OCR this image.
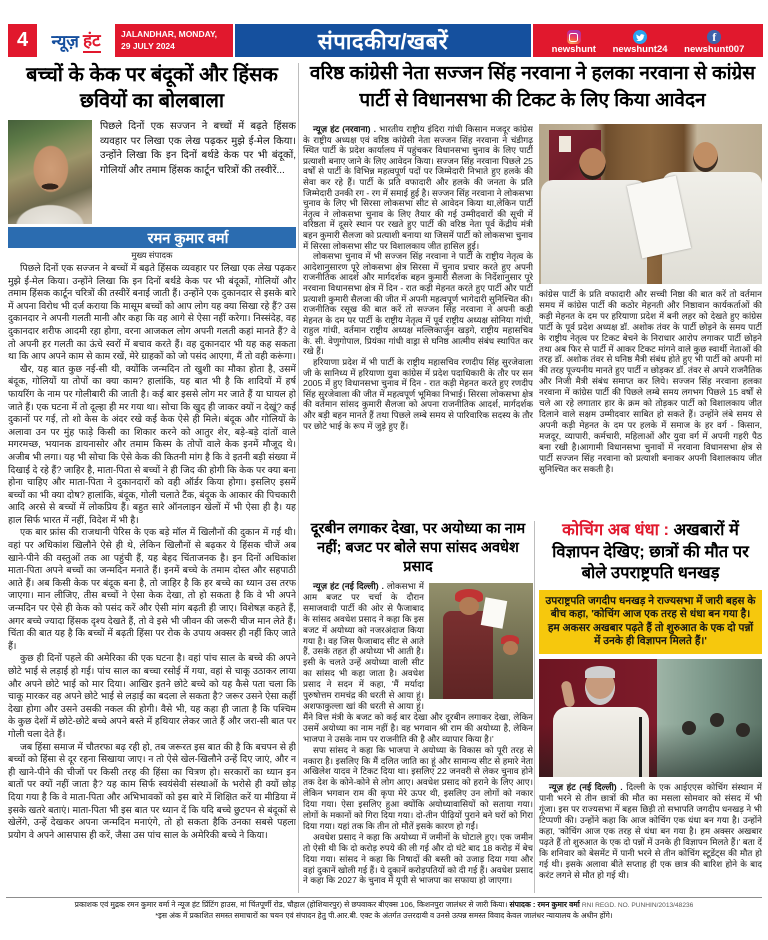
4	न्यूज़ हंट JALANDHAR, MONDAY,
29 JULY 2024	संपादकीय/खबरें	newshunt newshunt24
f
newshunt007
बच्चों के केक पर बंदूकों और हिंसक छवियों का बोलबाला
पिछले दिनों एक सज्जन ने बच्चों में बढ़ते हिंसक व्यवहार पर लिखा एक लेख पढ़कर मुझे ई-मेल किया। उन्होंने लिखा कि इन दिनों बर्थडे केक पर भी बंदूकों, गोलियों और तमाम हिंसक कार्टून चरित्रों की तस्वीरें...
रमन कुमार वर्मा
मुख्य संपादक

पिछले दिनों एक सज्जन ने बच्चों में बढ़ते हिंसक व्यवहार पर लिखा एक लेख पढ़कर मुझे ई-मेल किया। उन्होंने लिखा कि इन दिनों बर्थडे केक पर भी बंदूकों, गोलियों और तमाम हिंसक कार्टून चरित्रों की तस्वीरें बनाई जाती हैं। उन्होंने एक दुकानदार से इसके बारे में अपना विरोध भी दर्ज कराया कि मासूम बच्चों को आप लोग यह क्या सिखा रहे हैं? उस दुकानदार ने अपनी गलती मानी और कहा कि वह आगे से ऐसा नहीं करेगा। निस्संदेह, वह दुकानदार शरीफ आदमी रहा होगा, वरना आजकल लोग अपनी गलती कहां मानते हैं? वे तो अपनी हर गलती का ऊंचे स्वरों में बचाव करते हैं। वह दुकानदार भी यह कह सकता था कि आप अपने काम से काम रखें, मेरे ग्राहकों को जो पसंद आएगा, मैं तो वही करूंगा।

खैर, यह बात कुछ नई-सी थी, क्योंकि जन्मदिन तो खुशी का मौका होता है, उसमें बंदूक, गोलियों या तोपों का क्या काम? हालांकि, यह बात भी है कि शादियों में हर्ष फायरिंग के नाम पर गोलीबारी की जाती है। कई बार इससे लोग मर जाते हैं या घायल हो जाते हैं। एक घटना में तो दूल्हा ही मर गया था। सोचा कि खुद ही जाकर क्यों न देखूं? कई दुकानों पर गई, तो शो केस के अंदर रखे कई केक ऐसे ही मिले। बंदूक और गोलियों के अलावा उन पर मुंह फाड़े किसी का शिकार करने को आतुर शेर, बड़े-बड़े दांतों वाले मगरमच्छ, भयानक डायनासोर और तमाम किस्म के तोपों वाले केक इनमें मौजूद थे। अजीब भी लगा। यह भी सोचा कि ऐसे केक की कितनी मांग है कि वे इतनी बड़ी संख्या में दिखाई दे रहे हैं? जाहिर है, माता-पिता से बच्चों ने ही जिद की होगी कि केक पर क्या बना होना चाहिए और माता-पिता ने दुकानदारों को वही ऑर्डर किया होगा। इसलिए इसमें बच्चों का भी क्या दोष? हालांकि, बंदूक, गोली चलाते टैंक, बंदूक के आकार की पिचकारी आदि अरसे से बच्चों में लोकप्रिय हैं। बहुत सारे ऑनलाइन खेलों में भी ऐसा ही है। यह हाल सिर्फ भारत में नहीं, विदेश में भी है।

एक बार फ्रांस की राजधानी पेरिस के एक बड़े मॉल में खिलौनों की दुकान में गई थी। वहां पर अधिकांश खिलौने ऐसे ही थे, लेकिन खिलौनों से बढ़कर ये हिंसक चीजें अब खाने-पीने की वस्तुओं तक आ पहुंची हैं, यह बेहद चिंताजनक है। इन दिनों अधिकांश माता-पिता अपने बच्चों का जन्मदिन मनाते हैं। इनमें बच्चे के तमाम दोस्त और सहपाठी आते हैं। अब किसी केक पर बंदूक बना है, तो जाहिर है कि हर बच्चे का ध्यान उस तरफ जाएगा। मान लीजिए, तीस बच्चों ने ऐसा केक देखा, तो हो सकता है कि वे भी अपने जन्मदिन पर ऐसे ही केक को पसंद करें और ऐसी मांग बढ़ती ही जाए। विशेषज्ञ कहते हैं, अगर बच्चे ज्यादा हिंसक दृश्य देखते हैं, तो वे इसे भी जीवन की जरूरी चीज मान लेते हैं। चिंता की बात यह है कि बच्चों में बढ़ती हिंसा पर रोक के उपाय अक्सर ही नहीं किए जाते हैं।

कुछ ही दिनों पहले की अमेरिका की एक घटना है। वहां पांच साल के बच्चे की अपने छोटे भाई से लड़ाई हो गई। पांच साल का बच्चा रसोई में गया, वहां से चाकू उठाकर लाया और अपने छोटे भाई को मार दिया। आखिर इतने छोटे बच्चे को यह कैसे पता चला कि चाकू मारकर वह अपने छोटे भाई से लड़ाई का बदला ले सकता है? जरूर उसने ऐसा कहीं देखा होगा और उसने उसकी नकल की होगी। वैसे भी, यह कहा ही जाता है कि पश्चिम के कुछ देशों में छोटे-छोटे बच्चे अपने बस्ते में हथियार लेकर जाते हैं और जरा-सी बात पर गोली चला देते हैं।

जब हिंसा समाज में चौतरफा बढ़ रही हो, तब जरूरत इस बात की है कि बचपन से ही बच्चों को हिंसा से दूर रहना सिखाया जाए। न तो ऐसे खेल-खिलौने उन्हें दिए जाएं, और न ही खाने-पीने की चीजों पर किसी तरह की हिंसा का चित्रण हो। सरकारों का ध्यान इन बातों पर क्यों नहीं जाता है? यह काम सिर्फ स्वयंसेवी संस्थाओं के भरोसे ही क्यों छोड़ दिया गया है कि वे माता-पिता और अभिभावकों को इस बारे में शिक्षित करें या मीडिया में इसके खतरे बताएं। माता-पिता भी इस बात पर ध्यान दें कि यदि बच्चे छुटपन से बंदूकों से खेलेंगे, उन्हें देखकर अपना जन्मदिन मनाएंगे, तो हो सकता हैकि उनका सबसे पहला प्रयोग वे अपने आसपास ही करें, जैसा उस पांच साल के अमेरिकी बच्चे ने किया।

वरिष्ठ कांग्रेसी नेता सज्जन सिंह नरवाना ने हलका नरवाना से कांग्रेस पार्टी से विधानसभा की टिकट के लिए किया आवेदन

न्यूज़ हंट (नरवाना) . भारतीय राष्ट्रीय इंदिरा गांधी किसान मजदूर कांग्रेस के राष्ट्रीय अध्यक्ष एवं वरिष्ठ कांग्रेसी नेता सज्जन सिंह नरवाना ने चंडीगढ़ स्थित पार्टी के प्रदेश कार्यालय में पहुंचकर विधानसभा चुनाव के लिए पार्टी प्रत्याशी बनाए जाने के लिए आवेदन किया। सज्जन सिंह नरवाना पिछले 25 वर्षों से पार्टी के विभिन्न महत्वपूर्ण पदों पर जिम्मेदारी निभाते हुए हलके की सेवा कर रहे हैं। पार्टी के प्रति वफादारी और हलके की जनता के प्रति जिम्मेदारी उनकी रग - रग में समाई हुई है। सज्जन सिंह नरवाना ने लोकसभा चुनाव के लिए भी सिरसा लोकसभा सीट से आवेदन किया था,लेकिन पार्टी नेतृत्व ने लोकसभा चुनाव के लिए तैयार की गई उम्मीदवारों की सूची में वरिष्ठता में दूसरे स्थान पर रखते हुए पार्टी की वरिष्ठ नेता पूर्व केंद्रीय मंत्री बहन कुमारी सैलजा को प्रत्याशी बनाया था जिसमें पार्टी को लोकसभा चुनाव में सिरसा लोकसभा सीट पर विशालकाय जीत हासिल हुई।

लोकसभा चुनाव में भी सज्जन सिंह नरवाना ने पार्टी के राष्ट्रीय नेतृत्व के आदेशानुसारण पूरे लोकसभा क्षेत्र सिरसा में चुनाव प्रचार करते हुए अपनी राजनीतिक आदर्श और मार्गदर्शक बहन कुमारी सैलजा के निर्देशानुसार पूरे नरवाना विधानसभा क्षेत्र में दिन - रात कड़ी मेहनत करते हुए पार्टी और पार्टी प्रत्याशी कुमारी सैलजा की जीत में अपनी महत्वपूर्ण भागेदारी सुनिश्चित की। राजनीतिक रसूख की बात करें तो सज्जन सिंह नरवाना ने अपनी कड़ी मेहनत के दम पर पार्टी के राष्ट्रीय नेतृत्व में पूर्व राष्ट्रीय अध्यक्ष सोनिया गांधी, राहुल गांधी, वर्तमान राष्ट्रीय अध्यक्ष मल्लिकार्जुन खड़गे, राष्ट्रीय महासचिव के. सी. वेणुगोपाल, प्रियंका गांधी वाड्रा से घनिष्ठ आत्मीय संबंध स्थापित कर रखे हैं।

हरियाणा प्रदेश में भी पार्टी के राष्ट्रीय महासचिव रणदीप सिंह सुरजेवाला जी के सानिध्य में हरियाणा युवा कांग्रेस में प्रदेश पदाधिकारी के तौर पर सन 2005 में हुए विधानसभा चुनाव में दिन - रात कड़ी मेहनत करते हुए रणदीप सिंह सुरजेवाला की जीत में महत्वपूर्ण भूमिका निभाई। सिरसा लोकसभा क्षेत्र की वर्तमान सांसद कुमारी सैलजा को अपना राजनीतिक आदर्श, मार्गदर्शक और बड़ी बहन मानते हैं तथा पिछले लम्बे समय से पारिवारिक सदस्य के तौर पर छोटे भाई के रूप में जुड़े हुए हैं।

कांग्रेस पार्टी के प्रति वफादारी और सच्ची निष्ठा की बात करें तो वर्तमान समय में कांग्रेस पार्टी की कठोर मेहनती और निष्ठावान कार्यकर्ताओं की कड़ी मेहनत के दम पर हरियाणा प्रदेश में बनी लहर को देखते हुए कांग्रेस पार्टी के पूर्व प्रदेश अध्यक्ष डॉ. अशोक तंवर के पार्टी छोड़ने के समय पार्टी के राष्ट्रीय नेतृत्व पर टिकट बेचने के निराधार आरोप लगाकर पार्टी छोड़ने तथा अब फिर से पार्टी में आकर टिकट मांगने वाले कुछ स्वार्थी नेताओं की तरह डॉ. अशोक तंवर से घनिष्ठ मैत्री संबंध होते हुए भी पार्टी को अपनी मां की तरह पूज्यनीय मानते हुए पार्टी न छोड़कर डॉ. तंवर से अपने राजनैतिक और निजी मैत्री संबंध समाप्त कर लिये। सज्जन सिंह नरवाना हलका नरवाना में कांग्रेस पार्टी की पिछले लम्बे समय लगभग पिछले 15 वर्षों से चले आ रहे लगातार हार के क्रम को तोड़कर पार्टी को विशालकाय जीत दिलाने वाले सक्षम उम्मीदवार साबित हो सकते हैं। उन्होंने लंबे समय से अपनी कड़ी मेहनत के दम पर हलके में समाज के हर वर्ग - किसान, मजदूर, व्यापारी, कर्मचारी, महिलाओं और युवा वर्ग में अपनी गहरी पैठ बना रखी है।आगामी विधानसभा चुनावों में नरवाना विधानसभा क्षेत्र से पार्टी सज्जन सिंह नरवाना को प्रत्याशी बनाकर अपनी विशालकाय जीत सुनिश्चित कर सकती है।

दूरबीन लगाकर देखा, पर अयोध्या का नाम नहीं; बजट पर बोले सपा सांसद अवधेश प्रसाद

न्यूज़ हंट (नई दिल्ली) . लोकसभा में आम बजट पर चर्चा के दौरान समाजवादी पार्टी की ओर से फैजाबाद के सांसद अवधेश प्रसाद ने कहा कि इस बजट में अयोध्या को नजरअंदाज किया गया है। वह जिस फैजाबाद सीट से आते हैं, उसके तहत ही अयोध्या भी आती है। इसी के चलते उन्हें अयोध्या वाली सीट का सांसद भी कहा जाता है। अवधेश प्रसाद ने सदन में कहा, 'मैं मर्यादा पुरुषोत्तम रामचंद्र की धरती से आया हूं। अशफाकुल्ला खां की धरती से आया हूं। मैंने वित्त मंत्री के बजट को कई बार देखा और दूरबीन लगाकर देखा, लेकिन उसमें अयोध्या का नाम नहीं है। वह भगवान श्री राम की अयोध्या है, लेकिन भाजपा ने उसके नाम पर राजनीति की है और व्यापार किया है।'

सपा सांसद ने कहा कि भाजपा ने अयोध्या के विकास को पूरी तरह से नकारा है। इसलिए कि मैं दलित जाति का हूं और सामान्य सीट से हमारे नेता अखिलेश यादव ने टिकट दिया था। इसलिए 22 जनवरी से लेकर चुनाव होने तक देश के कोने-कोने से लोग आए। अवधेश प्रसाद को हराने के लिए आए। लेकिन भगवान राम की कृपा मेरे ऊपर थी, इसलिए उन लोगों को नकार दिया गया। ऐसा इसलिए हुआ क्योंकि अयोध्यावासियों को सताया गया। लोगों के मकानों को गिरा दिया गया। दो-तीन पीढ़ियों पुराने बने घरों को गिरा दिया गया। यहां तक कि तीन तो मौतें इसके कारण हो गईं।

अवधेश प्रसाद ने कहा कि अयोध्या में जमीनों के घोटाले हुए। एक जमीन तो ऐसी थी कि दो करोड़ रुपये की ली गई और दो घंटे बाद 18 करोड़ में बेच दिया गया। सांसद ने कहा कि निषादों की बस्ती को उजाड़ दिया गया और वहां दुकानें खोली गई हैं। ये दुकानें करोड़पतियों को दी गई हैं। अवधेश प्रसाद ने कहा कि 2027 के चुनाव में यूपी से भाजपा का सफाया हो जाएगा।

कोचिंग अब धंधा : अखबारों में विज्ञापन देखिए; छात्रों की मौत पर बोले उपराष्ट्रपति धनखड़
उपराष्ट्रपति जगदीप धनखड़ ने राज्यसभा में जारी बहस के बीच कहा, 'कोचिंग आज एक तरह से धंधा बन गया है। हम अकसर अखबार पढ़ते हैं तो शुरुआत के एक दो पन्नों में उनके ही विज्ञापन मिलते हैं।'

न्यूज़ हंट (नई दिल्ली) . दिल्ली के एक आईएएस कोचिंग संस्थान में पानी भरने से तीन छात्रों की मौत का मसला सोमवार को संसद में भी गूंजा। इस पर राज्यसभा में बहस छिड़ी तो सभापति जगदीप धनखड़ ने भी टिप्पणी की। उन्होंने कहा कि आज कोचिंग एक धंधा बन गया है। उन्होंने कहा, 'कोचिंग आज एक तरह से धंधा बन गया है। हम अक्सर अखबार पढ़ते हैं तो शुरुआत के एक दो पन्नों में उनके ही विज्ञापन मिलते हैं।' बता दें कि शनिवार को बेसमेंट में पानी भरने से तीन कोचिंग स्टूडेंट्स की मौत हो गई थी। इसके अलावा बीते सप्ताह ही एक छात्र की बारिश होने के बाद करंट लगने से मौत हो गई थी।

प्रकाशक एवं मुद्रक रमन कुमार वर्मा ने न्यूज हंट प्रिंटिंग हाउस, मां चिंतपूर्णी रोड, चौहाल (होशियारपुर) से छपवाकर बीएक्स 106, किशनपुरा जालंधर से जारी किया। संपादक : रमन कुमार वर्मा RNI REGD. NO. PUNHIN/2013/48236
*इस अंक में प्रकाशित समस्त समाचारों का चयन एवं संपादन हेतु पी.आर.बी. एक्ट के अंतर्गत उत्तरदायी व उनसे उत्पन्न समस्त विवाद केवल जालंधर न्यायालय के अधीन होंगे।
